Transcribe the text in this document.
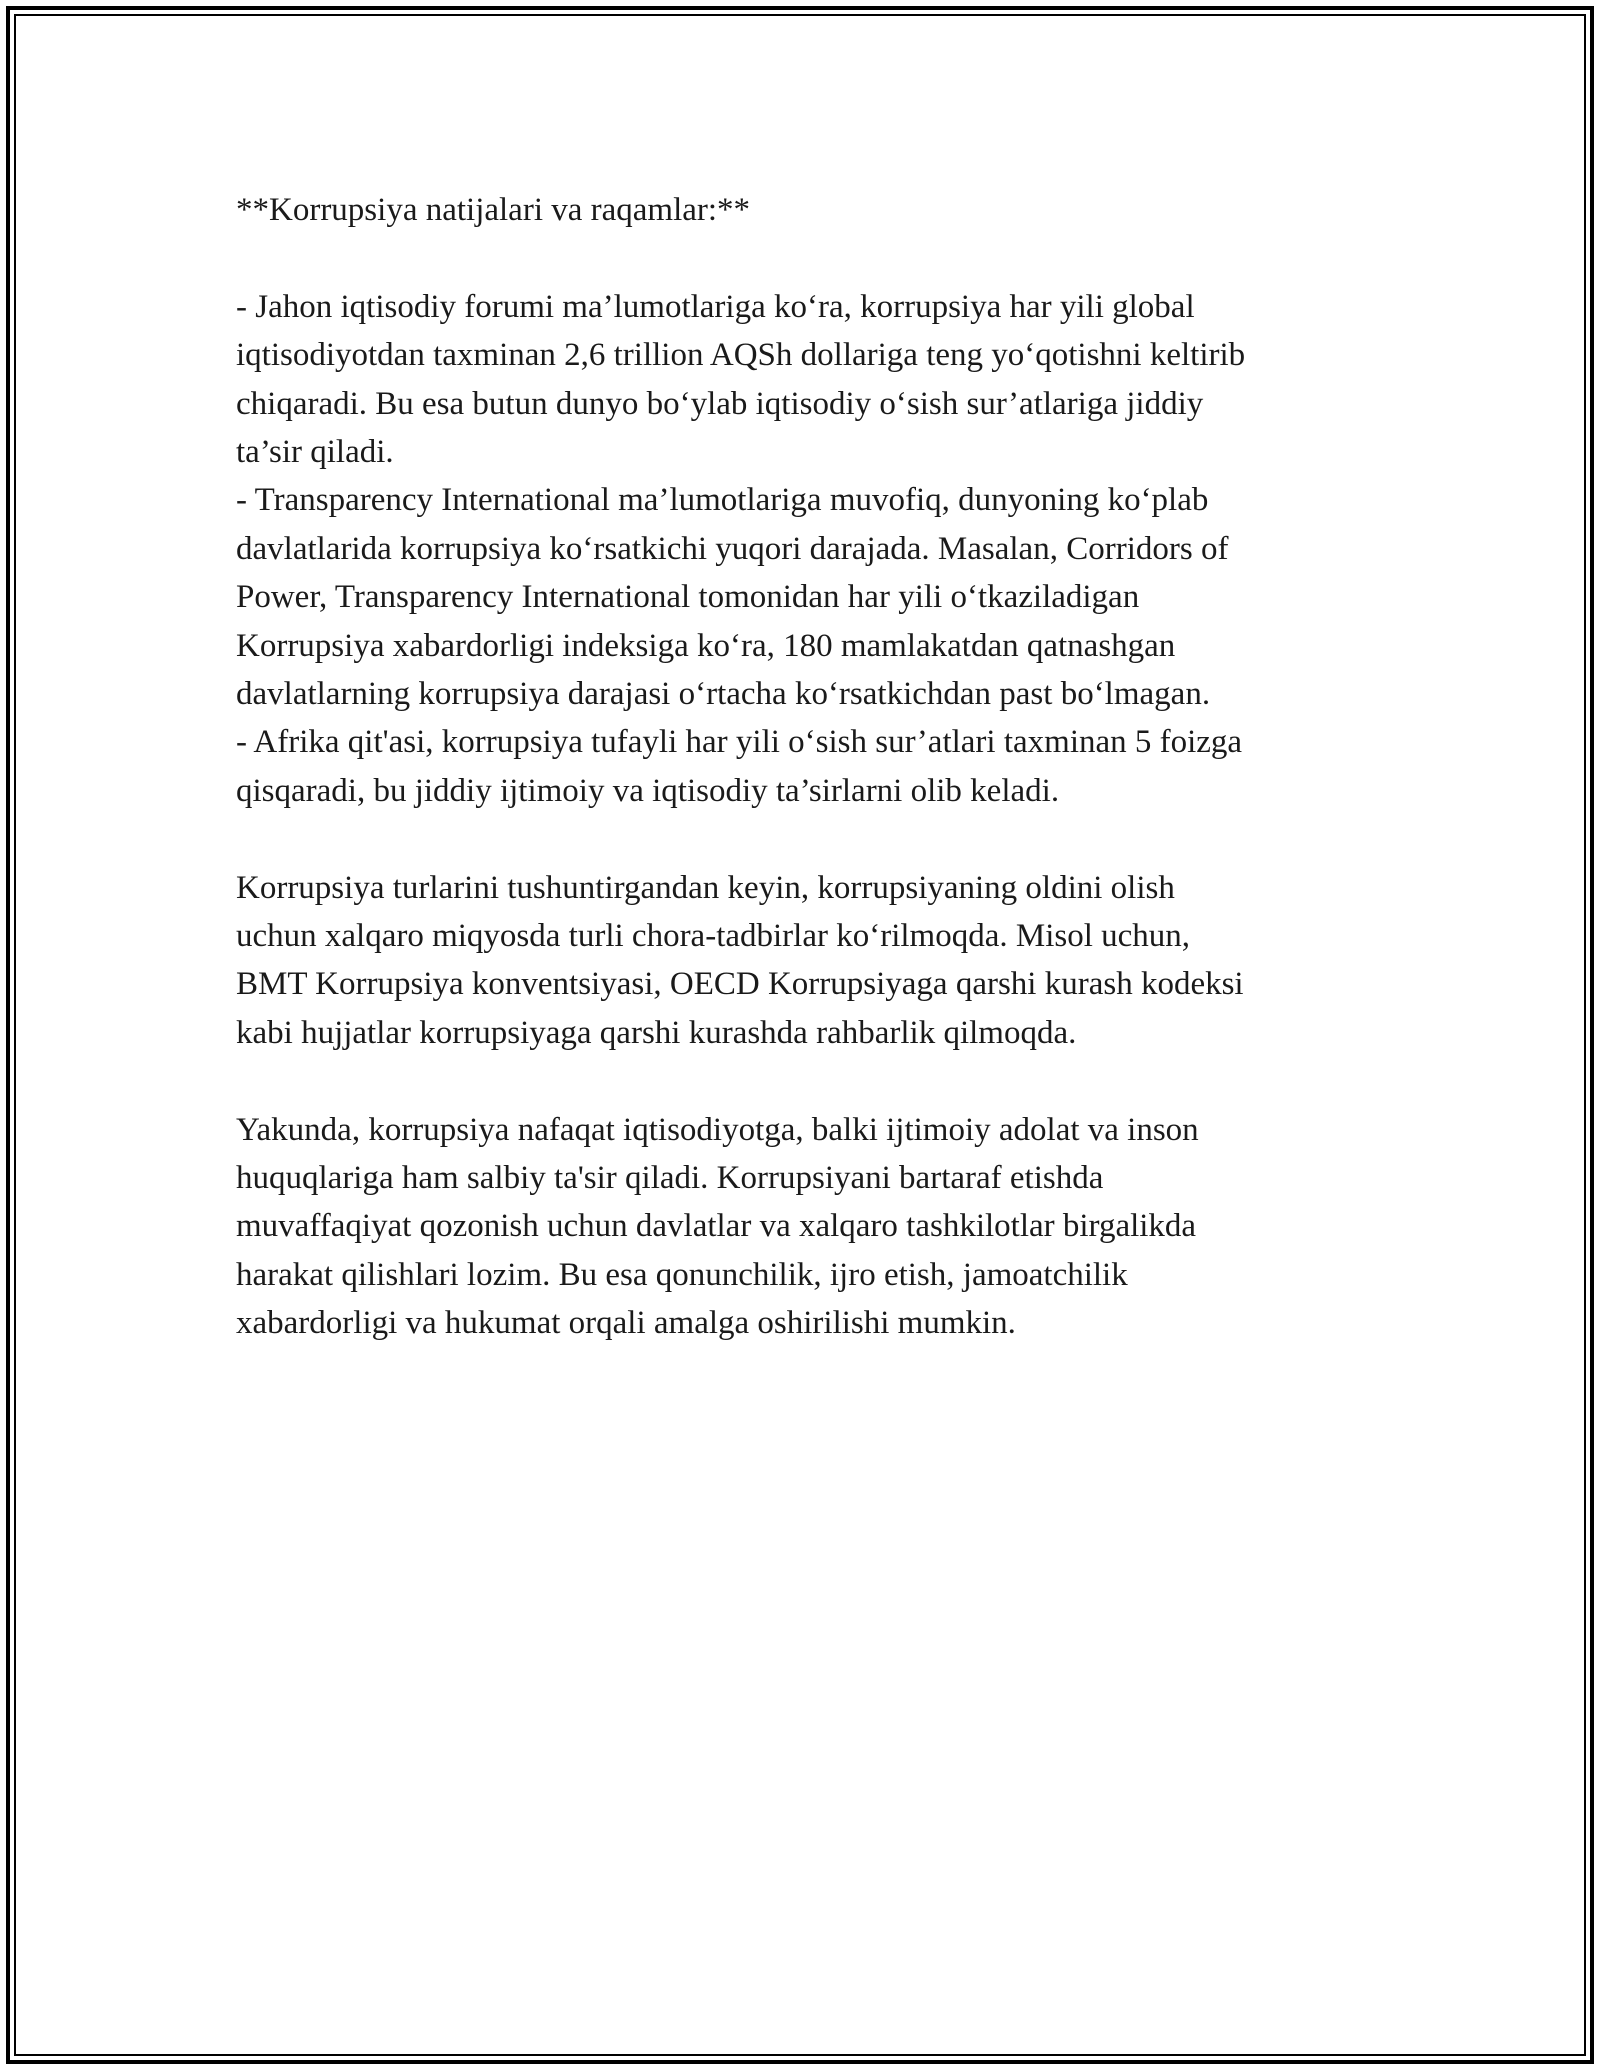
**Korrupsiya natijalari va raqamlar:**

- Jahon iqtisodiy forumi ma’lumotlariga ko‘ra, korrupsiya har yili global

iqtisodiyotdan taxminan 2,6 trillion AQSh dollariga teng yo‘qotishni keltirib

chiqaradi. Bu esa butun dunyo bo‘ylab iqtisodiy o‘sish sur’atlariga jiddiy

ta’sir qiladi.

- Transparency International ma’lumotlariga muvofiq, dunyoning ko‘plab

davlatlarida korrupsiya ko‘rsatkichi yuqori darajada. Masalan, Corridors of

Power, Transparency International tomonidan har yili o‘tkaziladigan

Korrupsiya xabardorligi indeksiga ko‘ra, 180 mamlakatdan qatnashgan

davlatlarning korrupsiya darajasi o‘rtacha ko‘rsatkichdan past bo‘lmagan.

- Afrika qit'asi, korrupsiya tufayli har yili o‘sish sur’atlari taxminan 5 foizga

qisqaradi, bu jiddiy ijtimoiy va iqtisodiy ta’sirlarni olib keladi.

Korrupsiya turlarini tushuntirgandan keyin, korrupsiyaning oldini olish

uchun xalqaro miqyosda turli chora-tadbirlar ko‘rilmoqda. Misol uchun,

BMT Korrupsiya konventsiyasi, OECD Korrupsiyaga qarshi kurash kodeksi

kabi hujjatlar korrupsiyaga qarshi kurashda rahbarlik qilmoqda.

Yakunda, korrupsiya nafaqat iqtisodiyotga, balki ijtimoiy adolat va inson

huquqlariga ham salbiy ta'sir qiladi. Korrupsiyani bartaraf etishda

muvaffaqiyat qozonish uchun davlatlar va xalqaro tashkilotlar birgalikda

harakat qilishlari lozim. Bu esa qonunchilik, ijro etish, jamoatchilik

xabardorligi va hukumat orqali amalga oshirilishi mumkin.
